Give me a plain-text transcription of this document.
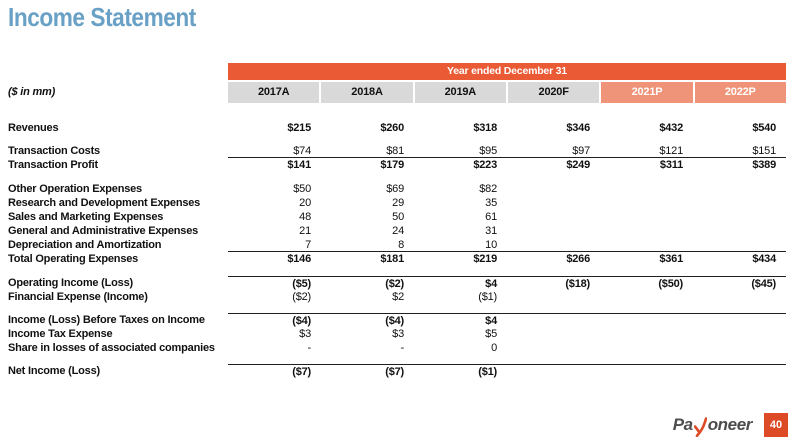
Income Statement
($ in mm)
Year ended December 31
2017A	2018A	2019A	2020F	2021P	2022P
Revenues	$215	$260	$318	$346	$432	$540
Transaction Costs	$74	$81	$95	$97	$121	$151
Transaction Profit	$141	$179	$223	$249	$311	$389
Other Operation Expenses	$50	$69	$82
Research and Development Expenses	20	29	35
Sales and Marketing Expenses	48	50	61
General and Administrative Expenses	21	24	31
Depreciation and Amortization	7	8	10
Total Operating Expenses	$146	$181	$219	$266	$361	$434
Operating Income (Loss)	($5)	($2)	$4	($18)	($50)	($45)
Financial Expense (Income)	($2)	$2	($1)
Income (Loss) Before Taxes on Income	($4)	($4)	$4
Income Tax Expense	$3	$3	$5
Share in losses of associated companies	-	-	0
Net Income (Loss)	($7)	($7)	($1)
Pa oneer	40
